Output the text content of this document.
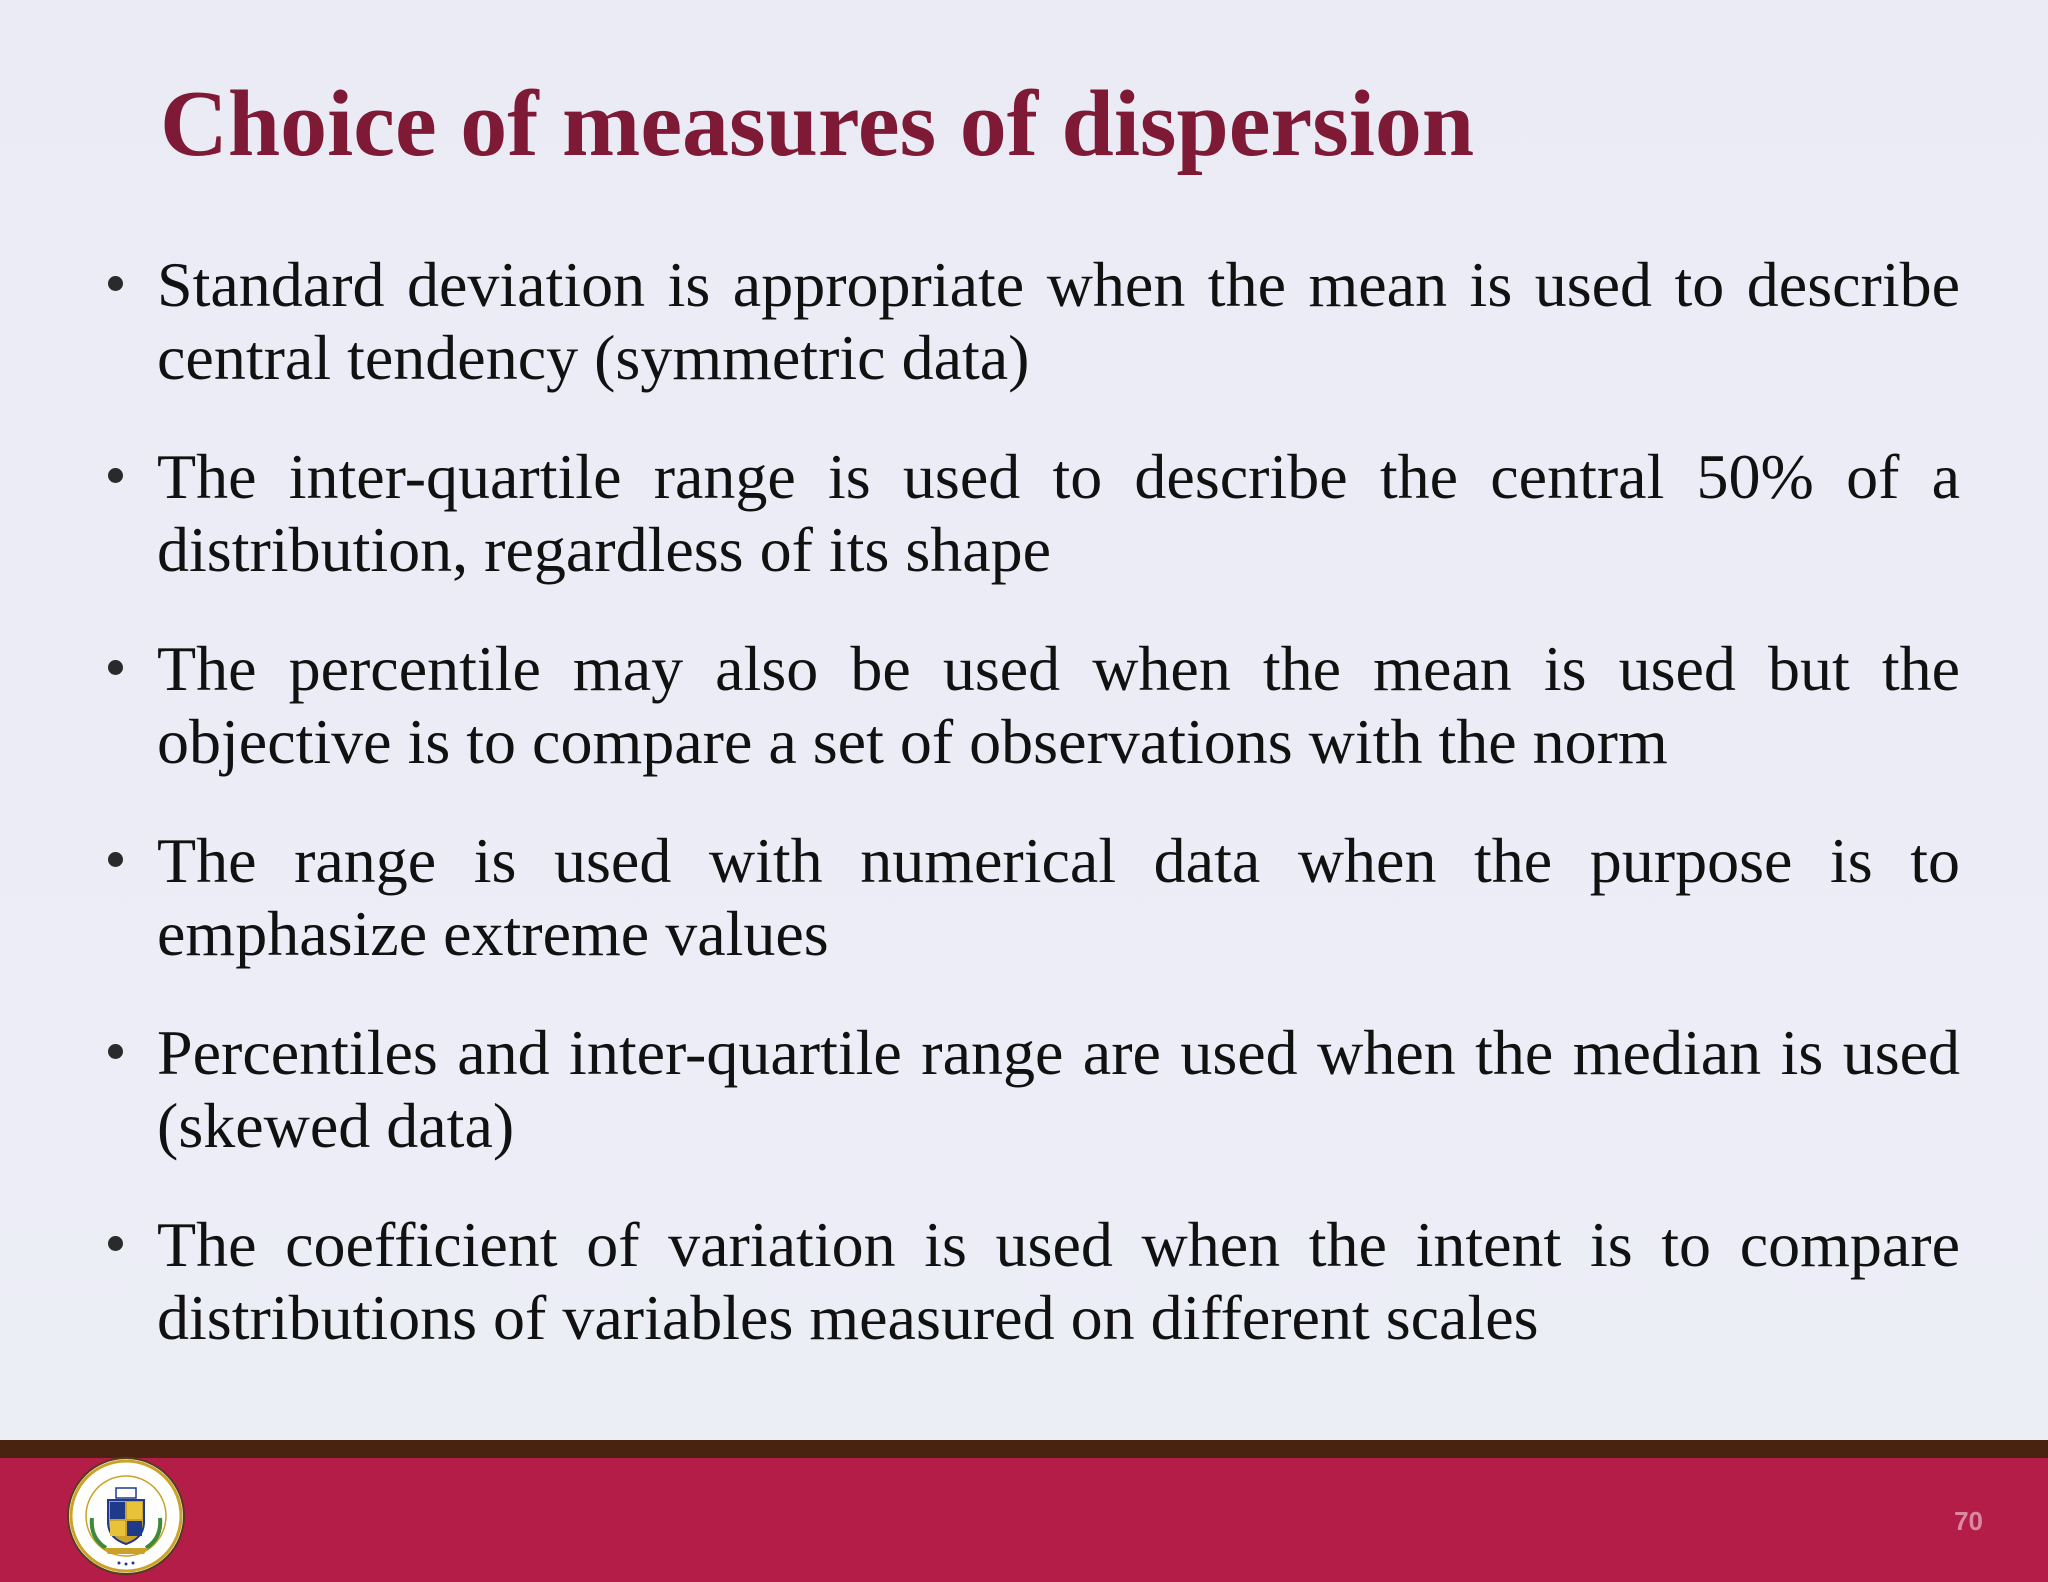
Choice of measures of dispersion
Standard deviation is appropriate when the mean is used to describe central tendency (symmetric data)
The inter-quartile range is used to describe the central 50% of a distribution, regardless of its shape
The percentile may also be used when the mean is used but the objective is to compare a set of observations with the norm
The range is used with numerical data when the purpose is to emphasize extreme values
Percentiles and inter-quartile range are used when the median is used (skewed data)
The coefficient of variation is used when the intent is to compare distributions of variables measured on different scales
70
